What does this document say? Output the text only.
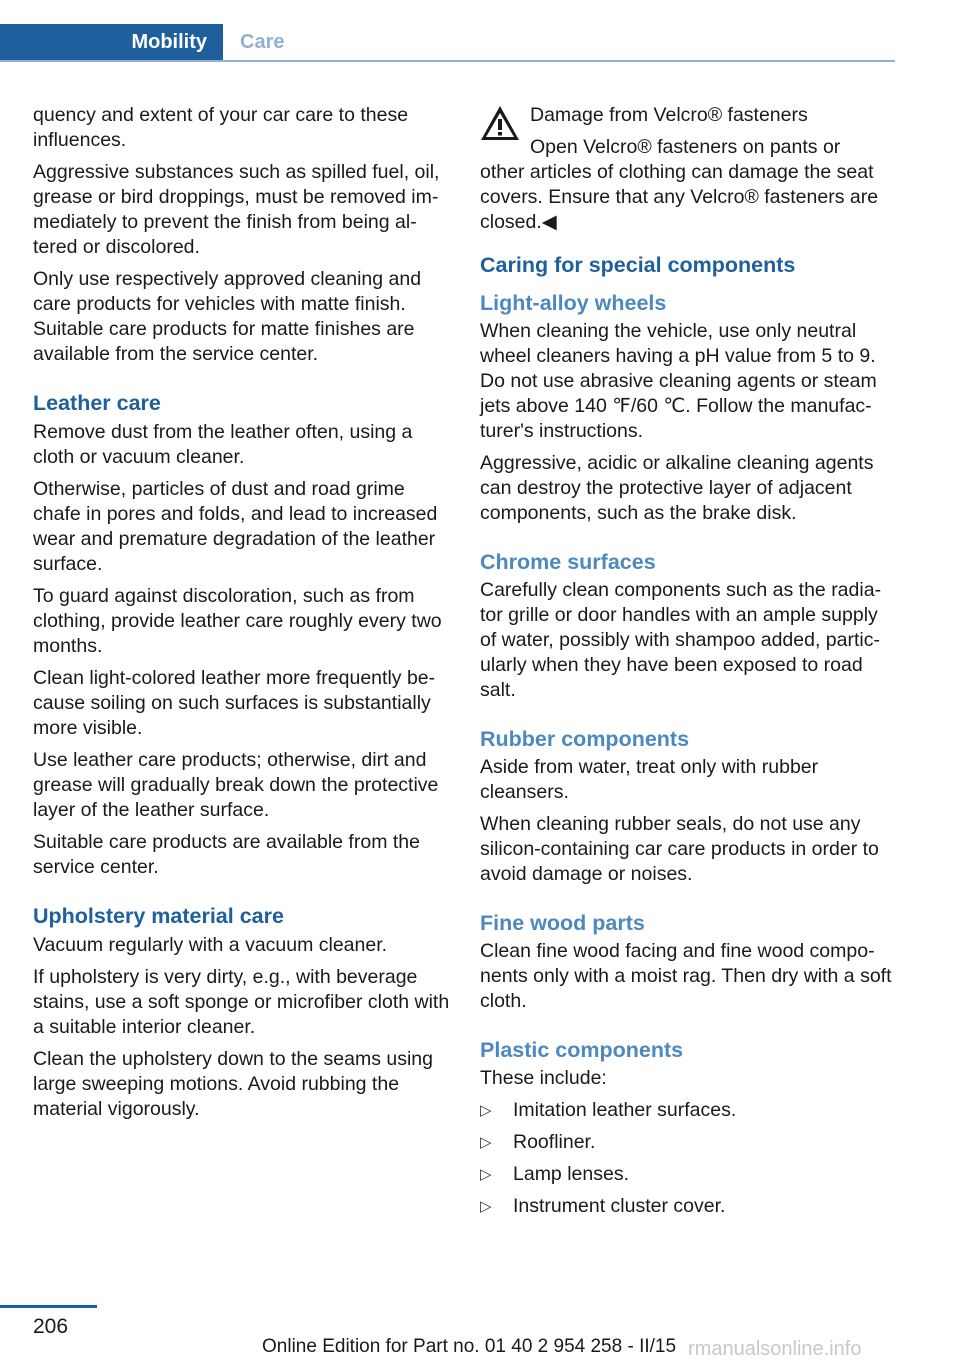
Mobility	Care

quency and extent of your car care to these influences.

Aggressive substances such as spilled fuel, oil, grease or bird droppings, must be removed immediately to prevent the finish from being altered or discolored.

Only use respectively approved cleaning and care products for vehicles with matte finish. Suitable care products for matte finishes are available from the service center.

Leather care

Remove dust from the leather often, using a cloth or vacuum cleaner.

Otherwise, particles of dust and road grime chafe in pores and folds, and lead to increased wear and premature degradation of the leather surface.

To guard against discoloration, such as from clothing, provide leather care roughly every two months.

Clean light-colored leather more frequently because soiling on such surfaces is substantially more visible.

Use leather care products; otherwise, dirt and grease will gradually break down the protective layer of the leather surface.

Suitable care products are available from the service center.

Upholstery material care

Vacuum regularly with a vacuum cleaner.

If upholstery is very dirty, e.g., with beverage stains, use a soft sponge or microfiber cloth with a suitable interior cleaner.

Clean the upholstery down to the seams using large sweeping motions. Avoid rubbing the material vigorously.

Damage from Velcro® fasteners

Open Velcro® fasteners on pants or

other articles of clothing can damage the seat covers. Ensure that any Velcro® fasteners are closed.◀

Caring for special components
Light-alloy wheels

When cleaning the vehicle, use only neutral wheel cleaners having a pH value from 5 to 9. Do not use abrasive cleaning agents or steam jets above 140 ℉/60 ℃. Follow the manufacturer's instructions.

Aggressive, acidic or alkaline cleaning agents can destroy the protective layer of adjacent components, such as the brake disk.

Chrome surfaces

Carefully clean components such as the radiator grille or door handles with an ample supply of water, possibly with shampoo added, particularly when they have been exposed to road salt.

Rubber components

Aside from water, treat only with rubber cleansers.

When cleaning rubber seals, do not use any silicon-containing car care products in order to avoid damage or noises.

Fine wood parts

Clean fine wood facing and fine wood components only with a moist rag. Then dry with a soft cloth.

Plastic components

These include:

▷ Imitation leather surfaces.
▷ Roofliner.
▷ Lamp lenses.
▷ Instrument cluster cover.
206
rmanualsonline.info
Online Edition for Part no. 01 40 2 954 258 - II/15
